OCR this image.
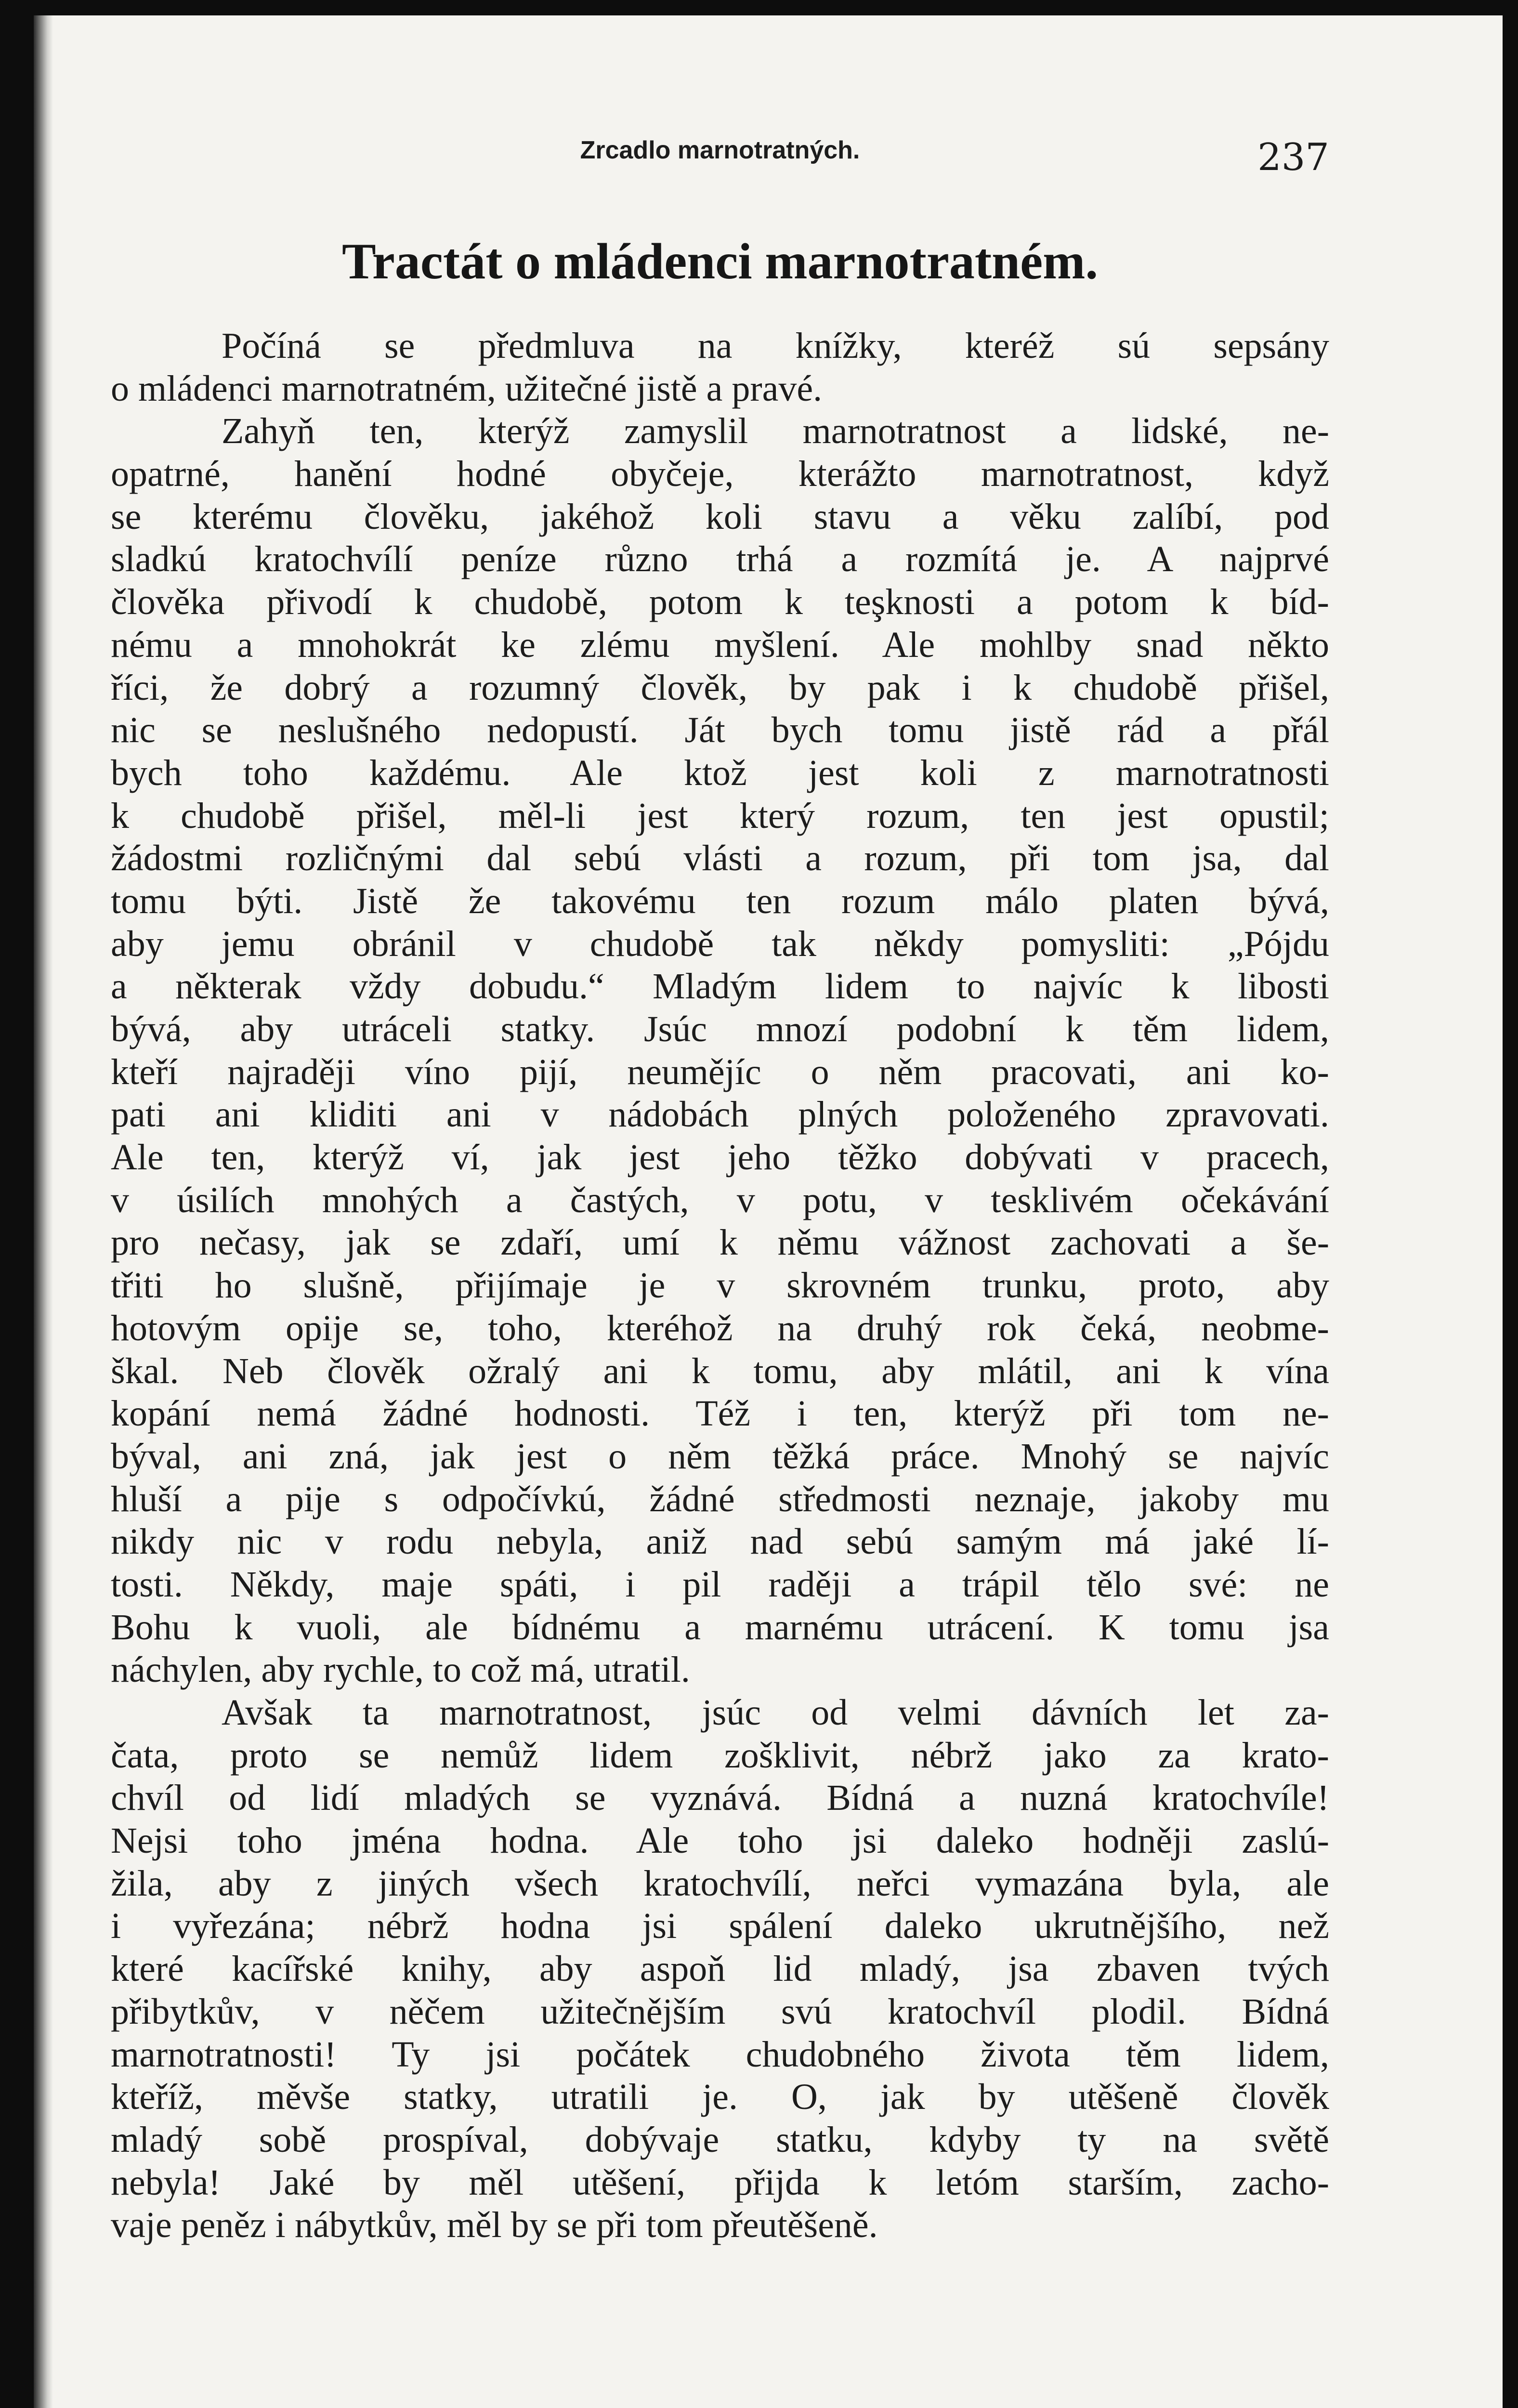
Zrcadlo marnotratných.	237
Tractát o mládenci marnotratném.
Počíná se předmluva na knížky, kteréž sú sepsány
o mládenci marnotratném, užitečné jistě a pravé.
Zahyň ten, kterýž zamyslil marnotratnost a lidské, ne-
opatrné, hanění hodné obyčeje, kterážto marnotratnost, když
se kterému člověku, jakéhož koli stavu a věku zalíbí, pod
sladkú kratochvílí peníze různo trhá a rozmítá je. A najprvé
člověka přivodí k chudobě, potom k teşknosti a potom k bíd-
nému a mnohokrát ke zlému myšlení. Ale mohlby snad někto
říci, že dobrý a rozumný člověk, by pak i k chudobě přišel,
nic se neslušného nedopustí. Ját bych tomu jistě rád a přál
bych toho každému. Ale ktož jest koli z marnotratnosti
k chudobě přišel, měl-li jest který rozum, ten jest opustil;
žádostmi rozličnými dal sebú vlásti a rozum, při tom jsa, dal
tomu býti. Jistě že takovému ten rozum málo platen bývá,
aby jemu obránil v chudobě tak někdy pomysliti: „Pójdu
a některak vždy dobudu.“ Mladým lidem to najvíc k libosti
bývá, aby utráceli statky. Jsúc mnozí podobní k těm lidem,
kteří najraději víno pijí, neumějíc o něm pracovati, ani ko-
pati ani kliditi ani v nádobách plných položeného zpravovati.
Ale ten, kterýž ví, jak jest jeho těžko dobývati v pracech,
v úsilích mnohých a častých, v potu, v tesklivém očekávání
pro nečasy, jak se zdaří, umí k němu vážnost zachovati a še-
třiti ho slušně, přijímaje je v skrovném trunku, proto, aby
hotovým opije se, toho, kteréhož na druhý rok čeká, neobme-
škal. Neb člověk ožralý ani k tomu, aby mlátil, ani k vína
kopání nemá žádné hodnosti. Též i ten, kterýž při tom ne-
býval, ani zná, jak jest o něm těžká práce. Mnohý se najvíc
hluší a pije s odpočívkú, žádné středmosti neznaje, jakoby mu
nikdy nic v rodu nebyla, aniž nad sebú samým má jaké lí-
tosti. Někdy, maje spáti, i pil raději a trápil tělo své: ne
Bohu k vuoli, ale bídnému a marnému utrácení. K tomu jsa
náchylen, aby rychle, to což má, utratil.
Avšak ta marnotratnost, jsúc od velmi dávních let za-
čata, proto se nemůž lidem zošklivit, nébrž jako za krato-
chvíl od lidí mladých se vyznává. Bídná a nuzná kratochvíle!
Nejsi toho jména hodna. Ale toho jsi daleko hodněji zaslú-
žila, aby z jiných všech kratochvílí, neřci vymazána byla, ale
i vyřezána; nébrž hodna jsi spálení daleko ukrutnějšího, než
které kacířské knihy, aby aspoň lid mladý, jsa zbaven tvých
přibytkův, v něčem užitečnějším svú kratochvíl plodil. Bídná
marnotratnosti! Ty jsi počátek chudobného života těm lidem,
kteříž, měvše statky, utratili je. O, jak by utěšeně člověk
mladý sobě prospíval, dobývaje statku, kdyby ty na světě
nebyla! Jaké by měl utěšení, přijda k letóm starším, zacho-
vaje peněz i nábytkův, měl by se při tom přeutěšeně.
